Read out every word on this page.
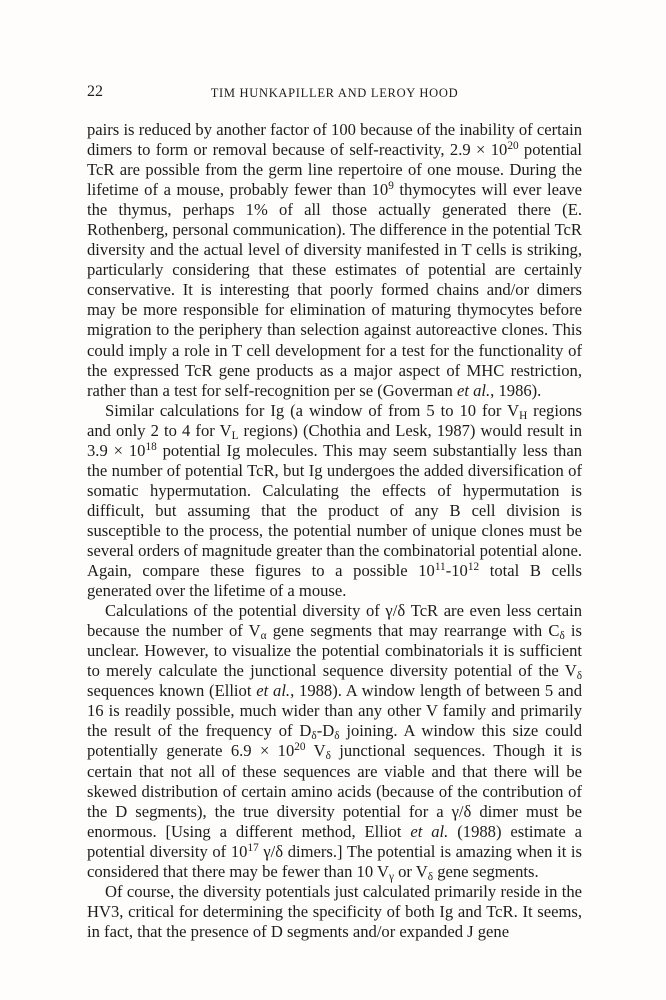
22	TIM HUNKAPILLER AND LEROY HOOD

pairs is reduced by another factor of 100 because of the inability of certain dimers to form or removal because of self-reactivity, $2.9 \times 10^{20}$ potential TcR are possible from the germ line repertoire of one mouse. During the lifetime of a mouse, probably fewer than $10^9$ thymocytes will ever leave the thymus, perhaps 1% of all those actually generated there (E. Rothenberg, personal communication). The difference in the potential TcR diversity and the actual level of diversity manifested in T cells is striking, particularly considering that these estimates of potential are certainly conservative. It is interesting that poorly formed chains and/or dimers may be more responsible for elimination of maturing thymocytes before migration to the periphery than selection against autoreactive clones. This could imply a role in T cell development for a test for the functionality of the expressed TcR gene products as a major aspect of MHC restriction, rather than a test for self-recognition per se (Goverman et al., 1986).

Similar calculations for Ig (a window of from 5 to 10 for $V_H$ regions and only 2 to 4 for $V_L$ regions) (Chothia and Lesk, 1987) would result in $3.9 \times 10^{18}$ potential Ig molecules. This may seem substantially less than the number of potential TcR, but Ig undergoes the added diversification of somatic hypermutation. Calculating the effects of hypermutation is difficult, but assuming that the product of any B cell division is susceptible to the process, the potential number of unique clones must be several orders of magnitude greater than the combinatorial potential alone. Again, compare these figures to a possible $10^{11}-10^{12}$ total B cells generated over the lifetime of a mouse.

Calculations of the potential diversity of γ/δ TcR are even less certain because the number of $V_\alpha$ gene segments that may rearrange with $C_\delta$ is unclear. However, to visualize the potential combinatorials it is sufficient to merely calculate the junctional sequence diversity potential of the $V_\delta$ sequences known (Elliot et al., 1988). A window length of between 5 and 16 is readily possible, much wider than any other V family and primarily the result of the frequency of $D_\delta-D_\delta$ joining. A window this size could potentially generate $6.9 \times 10^{20}$ $V_\delta$ junctional sequences. Though it is certain that not all of these sequences are viable and that there will be skewed distribution of certain amino acids (because of the contribution of the D segments), the true diversity potential for a γ/δ dimer must be enormous. [Using a different method, Elliot et al. (1988) estimate a potential diversity of $10^{17}$ γ/δ dimers.] The potential is amazing when it is considered that there may be fewer than 10 $V_\gamma$ or $V_\delta$ gene segments.

Of course, the diversity potentials just calculated primarily reside in the HV3, critical for determining the specificity of both Ig and TcR. It seems, in fact, that the presence of D segments and/or expanded J gene
